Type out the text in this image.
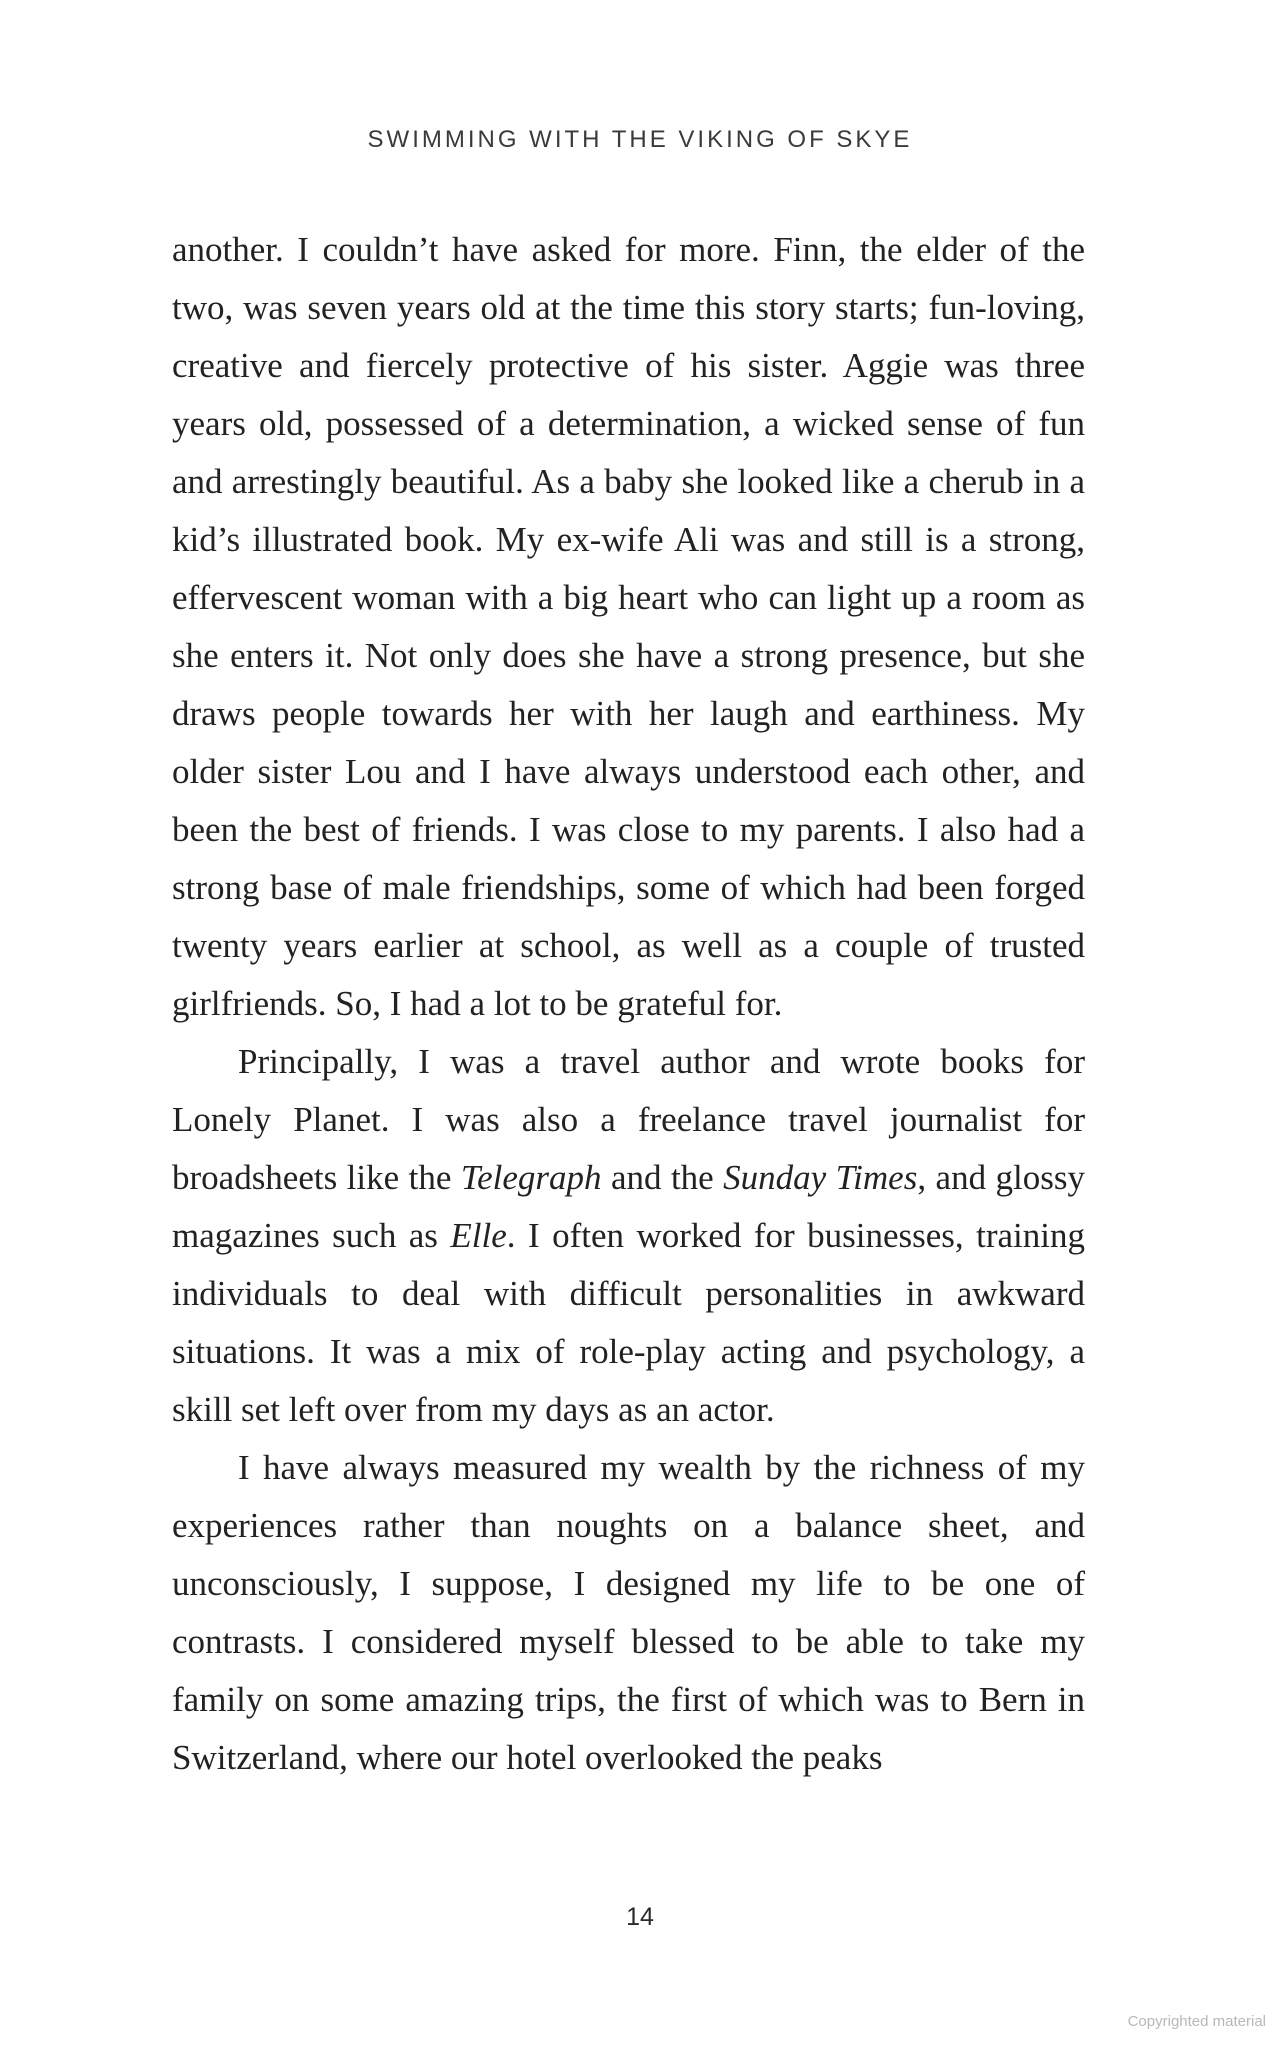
SWIMMING WITH THE VIKING OF SKYE

another. I couldn’t have asked for more. Finn, the elder of the two, was seven years old at the time this story starts; fun-loving, creative and fiercely protective of his sister. Aggie was three years old, possessed of a determination, a wicked sense of fun and arrestingly beautiful. As a baby she looked like a cherub in a kid’s illustrated book. My ex-wife Ali was and still is a strong, effervescent woman with a big heart who can light up a room as she enters it. Not only does she have a strong presence, but she draws people towards her with her laugh and earthiness. My older sister Lou and I have always understood each other, and been the best of friends. I was close to my parents. I also had a strong base of male friendships, some of which had been forged twenty years earlier at school, as well as a couple of trusted girlfriends. So, I had a lot to be grateful for.

Principally, I was a travel author and wrote books for Lonely Planet. I was also a freelance travel journalist for broadsheets like the Telegraph and the Sunday Times, and glossy magazines such as Elle. I often worked for businesses, training individuals to deal with difficult personalities in awkward situations. It was a mix of role-play acting and psychology, a skill set left over from my days as an actor.

I have always measured my wealth by the richness of my experiences rather than noughts on a balance sheet, and unconsciously, I suppose, I designed my life to be one of contrasts. I considered myself blessed to be able to take my family on some amazing trips, the first of which was to Bern in Switzerland, where our hotel overlooked the peaks

14
Copyrighted material
